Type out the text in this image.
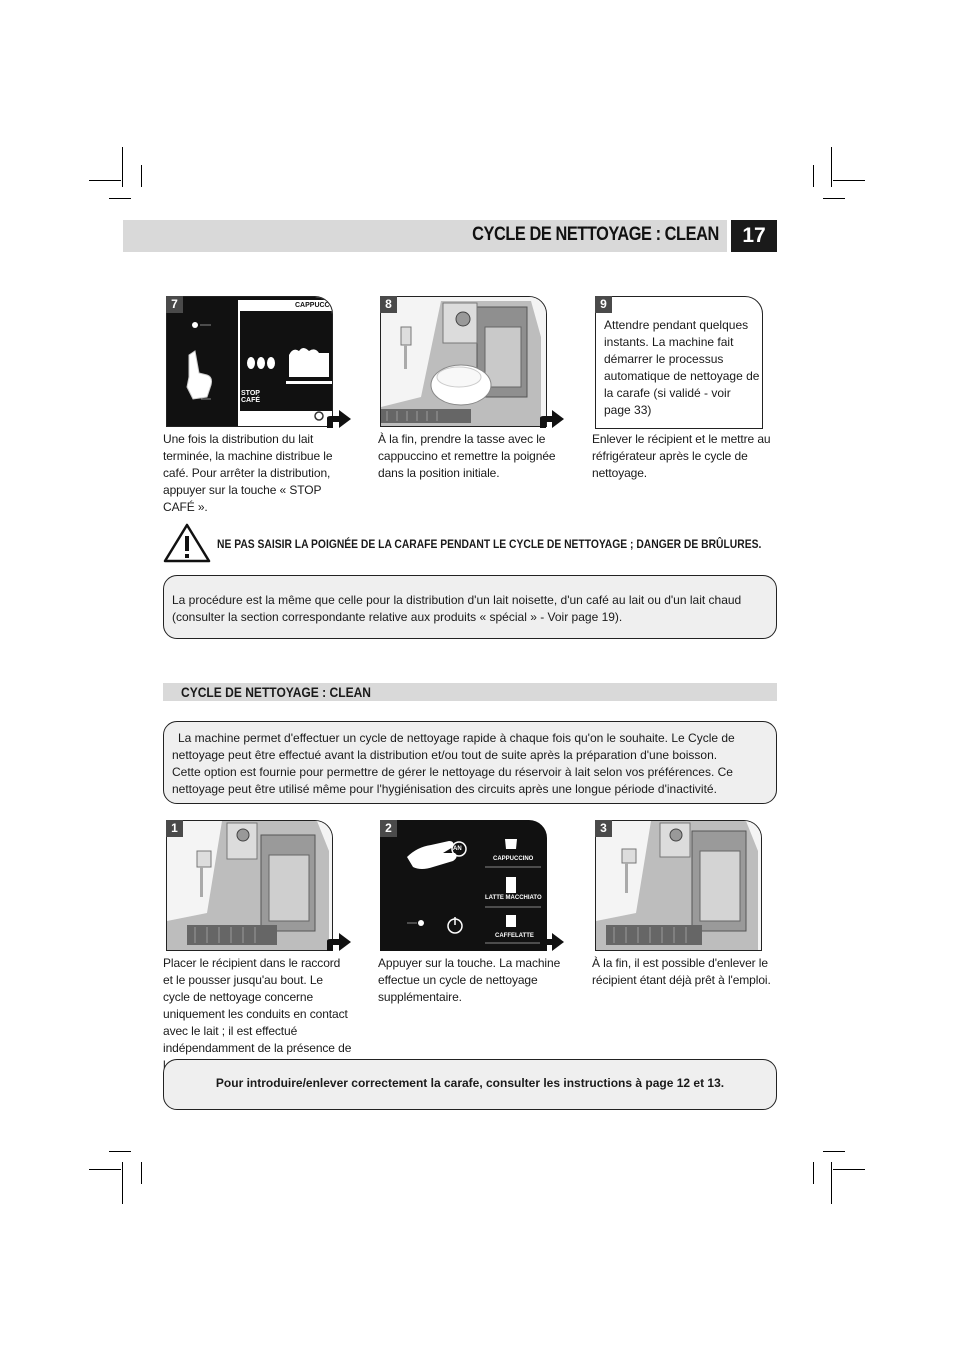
CYCLE DE NETTOYAGE : CLEAN	17
CAPPUCC
STOP
CAFÉ
7
Une fois la distribution du lait terminée, la machine distribue le café. Pour arrêter la distribution, appuyer sur la touche « STOP CAFÉ ».
8
À la fin, prendre la tasse avec le cappuccino et remettre la poignée dans la position initiale.
Attendre pendant quelques instants. La machine fait démarrer le processus automatique de nettoyage de la carafe (si validé - voir page 33)
9
Enlever le récipient et le mettre au réfrigérateur après le cycle de nettoyage.
NE PAS SAISIR LA POIGNÉE DE LA CARAFE PENDANT LE CYCLE DE NETTOYAGE ; DANGER DE BRÛLURES.
La procédure est la même que celle pour la distribution d'un lait noisette, d'un café au lait ou d'un lait chaud (consulter la section correspondante relative aux produits « spécial » - Voir page 19).
CYCLE DE NETTOYAGE : CLEAN
La machine permet d'effectuer un cycle de nettoyage rapide à chaque fois qu'on le souhaite. Le Cycle de nettoyage peut être effectué avant la distribution et/ou tout de suite après la préparation d'une boisson.
Cette option est fournie pour permettre de gérer le nettoyage du réservoir à lait selon vos préférences. Ce nettoyage peut être utilisé même pour l'hygiénisation des circuits après une longue période d'inactivité.
1
Placer le récipient dans le raccord et le pousser jusqu'au bout. Le cycle de nettoyage concerne uniquement les conduits en contact avec le lait ; il est effectué indépendamment de la présence de
AN
CAPPUCCINO
LATTE MACCHIATO
CAFFELATTE
2
Appuyer sur la touche. La machine effectue un cycle de nettoyage supplémentaire.
3
À la fin, il est possible d'enlever le récipient étant déjà prêt à l'emploi.
Pour introduire/enlever correctement la carafe, consulter les instructions à page 12 et 13.
